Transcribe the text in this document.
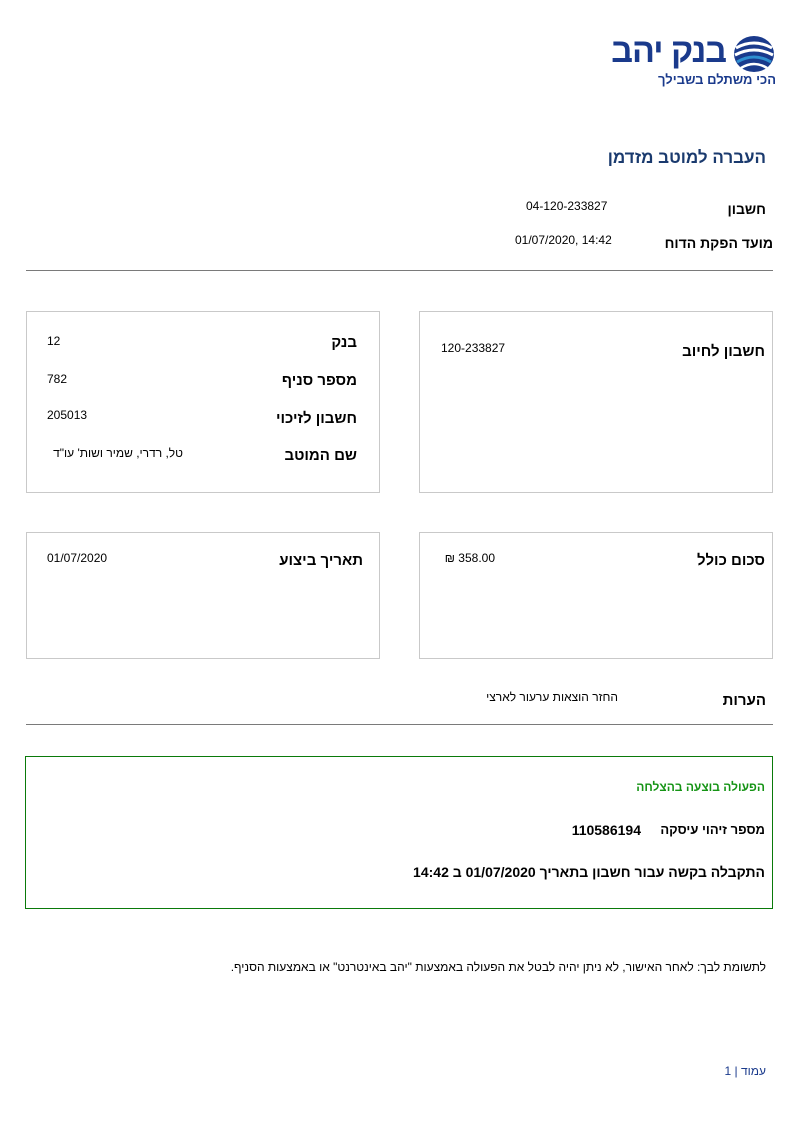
בנק יהב
הכי משתלם בשבילך
העברה למוטב מזדמן
חשבון
04-120-233827
מועד הפקת הדוח
01/07/2020, 14:42
חשבון לחיוב
120-233827
בנק
12
מספר סניף
782
חשבון לזיכוי
205013
שם המוטב
טל, רדרי, שמיר ושות' עו"ד
סכום כולל
358.00 ₪
תאריך ביצוע
01/07/2020
הערות
החזר הוצאות ערעור לארצי
הפעולה בוצעה בהצלחה
מספר זיהוי עיסקה
110586194
התקבלה בקשה עבור חשבון בתאריך 01/07/2020 ב 14:42
לתשומת לבך: לאחר האישור, לא ניתן יהיה לבטל את הפעולה באמצעות "יהב באינטרנט" או באמצעות הסניף.
עמוד | 1
